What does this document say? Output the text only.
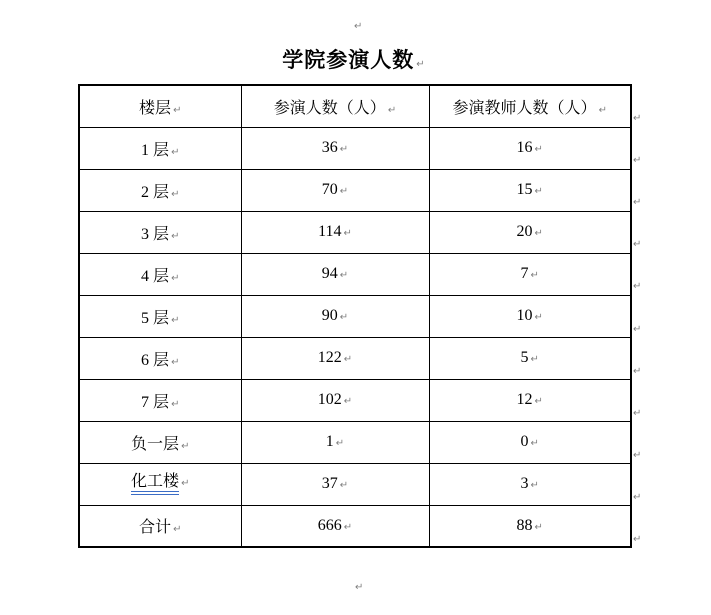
↵
学院参演人数 ↵
楼层 ↵	参演人数（人） ↵	参演教师人数（人） ↵
1 层 ↵	36 ↵	16 ↵
2 层 ↵	70 ↵	15 ↵
3 层 ↵	114 ↵	20 ↵
4 层 ↵	94 ↵	7 ↵
5 层 ↵	90 ↵	10 ↵
6 层 ↵	122 ↵	5 ↵
7 层 ↵	102 ↵	12 ↵
负一层 ↵	1 ↵	0 ↵
化工楼 ↵	37 ↵	3 ↵
合计 ↵	666 ↵	88 ↵
↵
↵
↵
↵
↵
↵
↵
↵
↵
↵
↵
↵
